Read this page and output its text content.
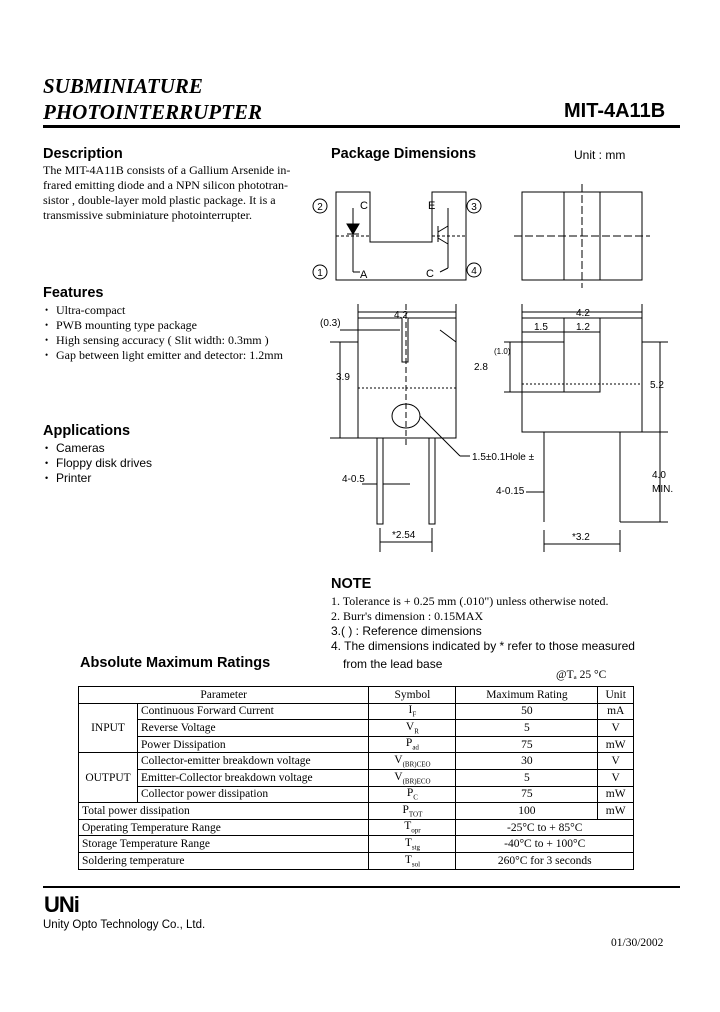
SUBMINIATURE
PHOTOINTERRUPTER	MIT-4A11B
Description
The MIT-4A11B consists of a Gallium Arsenide in-
frared emitting diode and a NPN silicon phototran-
sistor , double-layer mold plastic package. It is a
transmissive subminiature photointerrupter.
Features
• Ultra-compact
• PWB mounting type package
• High sensing accuracy ( Slit width: 0.3mm )
• Gap between light emitter and detector: 1.2mm
Applications
• Cameras
• Floppy disk drives
• Printer
Package Dimensions	Unit : mm
2	3
1	4
C	E
A	C
4.2
(0.3)
3.9
*2.54
4-0.5
1.5±0.1Hole ±
4.2
1.5	1.2
(1.0)
2.8
5.2
4-0.15
4.0
MIN.
*3.2
NOTE
1. Tolerance is + 0.25 mm (.010") unless otherwise noted.
2. Burr's dimension : 0.15MAX
3.( ) : Reference dimensions
4. The dimensions indicated by * refer to those measured
from the lead base
Absolute Maximum Ratings
@Tₐ 25 °C
Parameter		Symbol	Maximum Rating	Unit
INPUT	Continuous Forward Current	$I_F$	50	mA
	Reverse Voltage	$V_R$	5	V
	Power Dissipation	$P_{ad}$	75	mW
OUTPUT	Collector-emitter breakdown voltage	$V_{(BR)CEO}$	30	V
	Emitter-Collector breakdown voltage	$V_{(BR)ECO}$	5	V
	Collector power dissipation	$P_C$	75	mW
Total power dissipation		$P_{TOT}$	100	mW
Operating Temperature Range		$T_{opr}$	-25°C to + 85°C	
Storage Temperature Range		$T_{stg}$	-40°C to + 100°C	
Soldering temperature		$T_{sol}$	260°C for 3 seconds	
UNi
Unity Opto Technology Co., Ltd.
01/30/2002
